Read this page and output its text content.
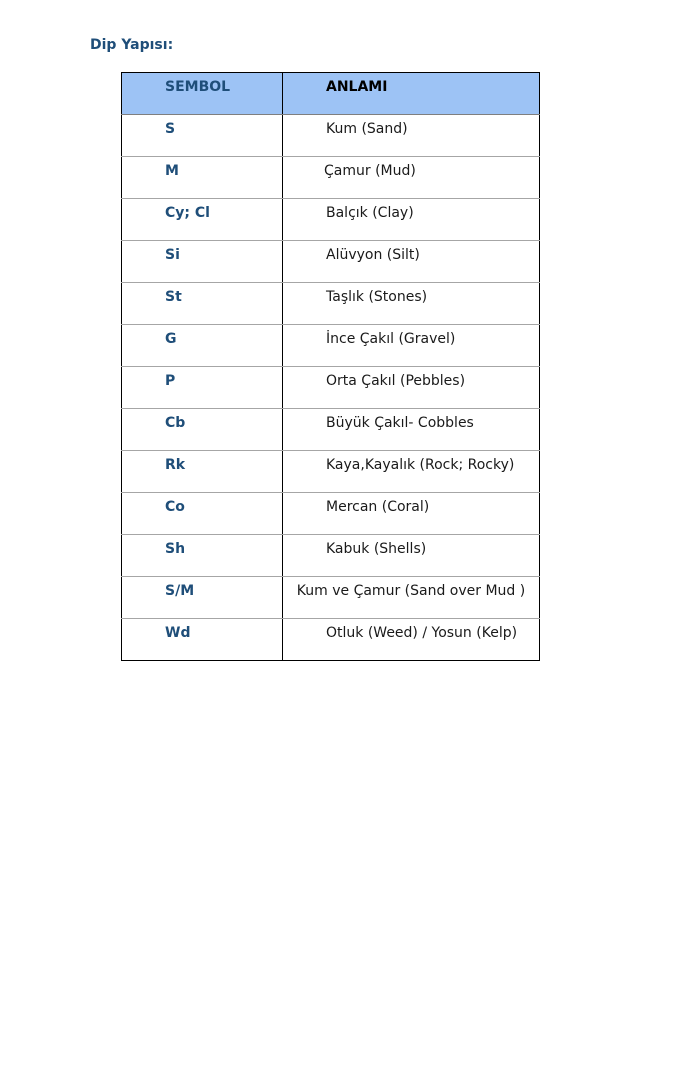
Dip Yapısı:
SEMBOL	ANLAMI
S	Kum (Sand)
M	Çamur (Mud)
Cy; Cl	Balçık (Clay)
Si	Alüvyon (Silt)
St	Taşlık (Stones)
G	İnce Çakıl (Gravel)
P	Orta Çakıl (Pebbles)
Cb	Büyük Çakıl- Cobbles
Rk	Kaya,Kayalık (Rock; Rocky)
Co	Mercan (Coral)
Sh	Kabuk (Shells)
S/M	Kum ve Çamur (Sand over Mud )
Wd	Otluk (Weed) / Yosun (Kelp)
